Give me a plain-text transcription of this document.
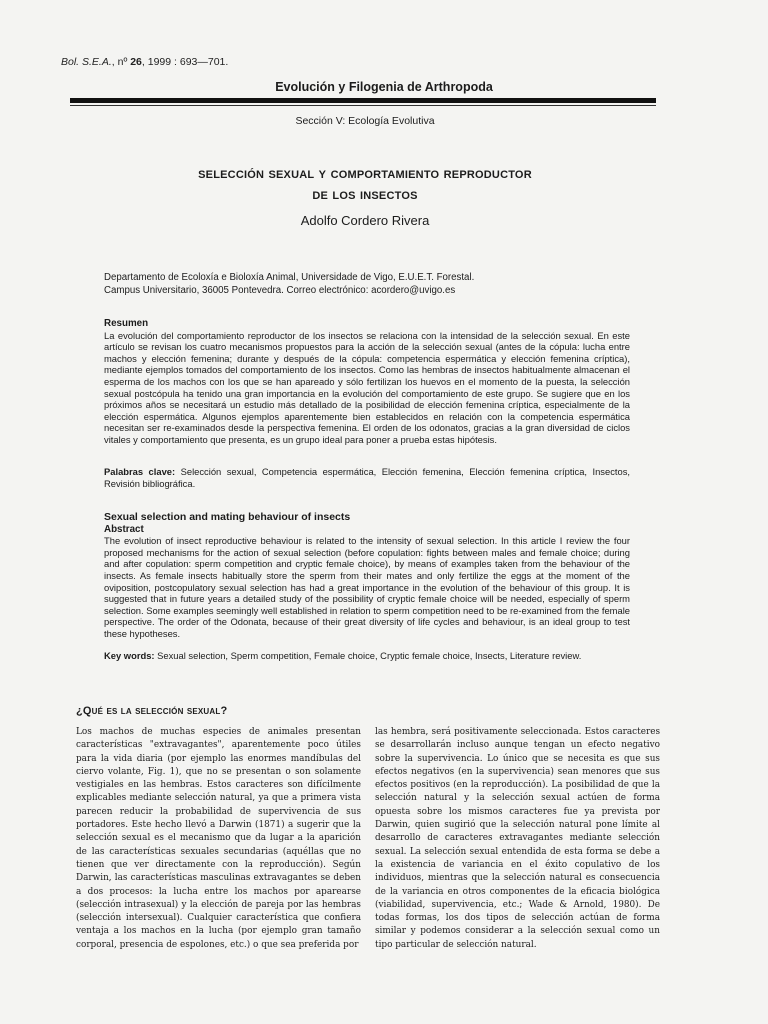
Bol. S.E.A., nº 26, 1999 : 693—701.
Evolución y Filogenia de Arthropoda
Sección V: Ecología Evolutiva
selección sexual y comportamiento reproductor
de los insectos
Adolfo Cordero Rivera
Departamento de Ecoloxía e Bioloxía Animal, Universidade de Vigo, E.U.E.T. Forestal.
Campus Universitario, 36005 Pontevedra. Correo electrónico: acordero@uvigo.es
Resumen

La evolución del comportamiento reproductor de los insectos se relaciona con la intensidad de la selección sexual. En este artículo se revisan los cuatro mecanismos propuestos para la acción de la selección sexual (antes de la cópula: lucha entre machos y elección femenina; durante y después de la cópula: competencia espermática y elección femenina críptica), mediante ejemplos tomados del comportamiento de los insectos. Como las hembras de insectos habitualmente almacenan el esperma de los machos con los que se han apareado y sólo fertilizan los huevos en el momento de la puesta, la selección sexual postcópula ha tenido una gran importancia en la evolución del comportamiento de este grupo. Se sugiere que en los próximos años se necesitará un estudio más detallado de la posibilidad de elección femenina críptica, especialmente de la elección espermática. Algunos ejemplos aparentemente bien establecidos en relación con la competencia espermática necesitan ser re-examinados desde la perspectiva femenina. El orden de los odonatos, gracias a la gran diversidad de ciclos vitales y comportamiento que presenta, es un grupo ideal para poner a prueba estas hipótesis.

Palabras clave: Selección sexual, Competencia espermática, Elección femenina, Elección femenina críptica, Insectos, Revisión bibliográfica.

Sexual selection and mating behaviour of insects
Abstract

The evolution of insect reproductive behaviour is related to the intensity of sexual selection. In this article I review the four proposed mechanisms for the action of sexual selection (before copulation: fights between males and female choice; during and after copulation: sperm competition and cryptic female choice), by means of examples taken from the behaviour of the insects. As female insects habitually store the sperm from their mates and only fertilize the eggs at the moment of the oviposition, postcopulatory sexual selection has had a great importance in the evolution of the behaviour of this group. It is suggested that in future years a detailed study of the possibility of cryptic female choice will be needed, especially of sperm selection. Some examples seemingly well established in relation to sperm competition need to be re-examined from the female perspective. The order of the Odonata, because of their great diversity of life cycles and behaviour, is an ideal group to test these hypotheses.

Key words: Sexual selection, Sperm competition, Female choice, Cryptic female choice, Insects, Literature review.

¿Qué es la selección sexual?

Los machos de muchas especies de animales presentan características "extravagantes", aparentemente poco útiles para la vida diaria (por ejemplo las enormes mandíbulas del ciervo volante, Fig. 1), que no se presentan o son solamente vestigiales en las hembras. Estos caracteres son difícilmente explicables mediante selección natural, ya que a primera vista parecen reducir la probabilidad de supervivencia de sus portadores. Este hecho llevó a Darwin (1871) a sugerir que la selección sexual es el mecanismo que da lugar a la aparición de las características sexuales secundarias (aquéllas que no tienen que ver directamente con la reproducción). Según Darwin, las características masculinas extravagantes se deben a dos procesos: la lucha entre los machos por aparearse (selección intrasexual) y la elección de pareja por las hembras (selección intersexual). Cualquier característica que confiera ventaja a los machos en la lucha (por ejemplo gran tamaño corporal, presencia de espolones, etc.) o que sea preferida por

las hembra, será positivamente seleccionada. Estos caracteres se desarrollarán incluso aunque tengan un efecto negativo sobre la supervivencia. Lo único que se necesita es que sus efectos negativos (en la supervivencia) sean menores que sus efectos positivos (en la reproducción). La posibilidad de que la selección natural y la selección sexual actúen de forma opuesta sobre los mismos caracteres fue ya prevista por Darwin, quien sugirió que la selección natural pone límite al desarrollo de caracteres extravagantes mediante selección sexual. La selección sexual entendida de esta forma se debe a la existencia de variancia en el éxito copulativo de los individuos, mientras que la selección natural es consecuencia de la variancia en otros componentes de la eficacia biológica (viabilidad, supervivencia, etc.; Wade & Arnold, 1980). De todas formas, los dos tipos de selección actúan de forma similar y podemos considerar a la selección sexual como un tipo particular de selección natural.
